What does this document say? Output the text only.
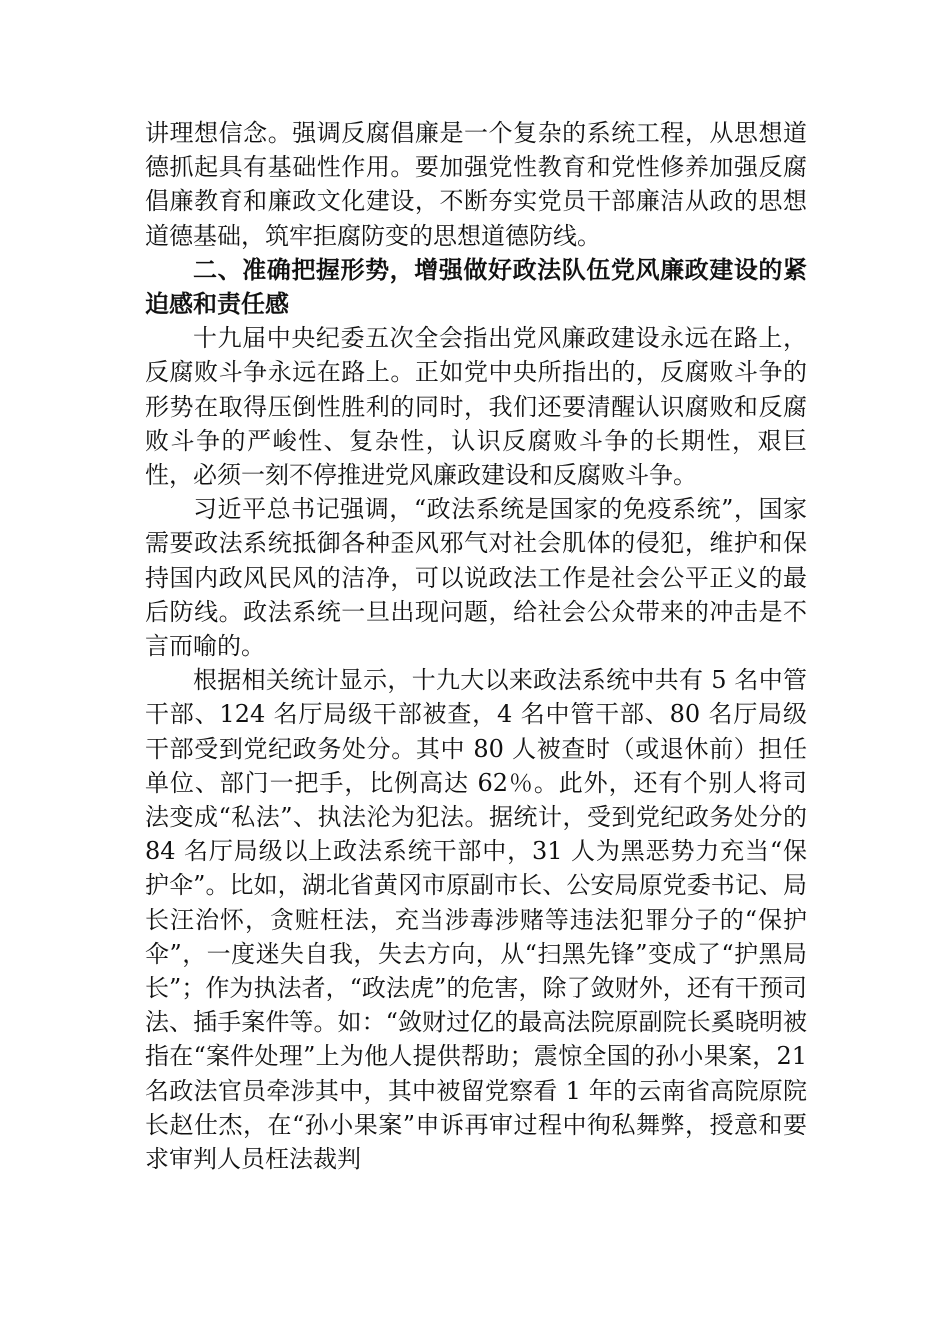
讲理想信念。强调反腐倡廉是一个复杂的系统工程，从思想道德抓起具有基础性作用。要加强党性教育和党性修养加强反腐倡廉教育和廉政文化建设，不断夯实党员干部廉洁从政的思想道德基础，筑牢拒腐防变的思想道德防线。

二、准确把握形势，增强做好政法队伍党风廉政建设的紧迫感和责任感

十九届中央纪委五次全会指出党风廉政建设永远在路上，反腐败斗争永远在路上。正如党中央所指出的，反腐败斗争的形势在取得压倒性胜利的同时，我们还要清醒认识腐败和反腐败斗争的严峻性、复杂性，认识反腐败斗争的长期性，艰巨性，必须一刻不停推进党风廉政建设和反腐败斗争。

习近平总书记强调，“政法系统是国家的免疫系统”，国家需要政法系统抵御各种歪风邪气对社会肌体的侵犯，维护和保持国内政风民风的洁净，可以说政法工作是社会公平正义的最后防线。政法系统一旦出现问题，给社会公众带来的冲击是不言而喻的。

根据相关统计显示，十九大以来政法系统中共有 5 名中管干部、124 名厅局级干部被查，4 名中管干部、80 名厅局级干部受到党纪政务处分。其中 80 人被查时（或退休前）担任单位、部门一把手，比例高达 62％。此外，还有个别人将司法变成“私法”、执法沦为犯法。据统计，受到党纪政务处分的 84 名厅局级以上政法系统干部中，31 人为黑恶势力充当“保护伞”。比如，湖北省黄冈市原副市长、公安局原党委书记、局长汪治怀，贪赃枉法，充当涉毒涉赌等违法犯罪分子的“保护伞”，一度迷失自我，失去方向，从“扫黑先锋”变成了“护黑局长”；作为执法者，“政法虎”的危害，除了敛财外，还有干预司法、插手案件等。如：“敛财过亿的最高法院原副院长奚晓明被指在“案件处理”上为他人提供帮助；震惊全国的孙小果案，21 名政法官员牵涉其中，其中被留党察看 1 年的云南省高院原院长赵仕杰，在“孙小果案”申诉再审过程中徇私舞弊，授意和要求审判人员枉法裁判
